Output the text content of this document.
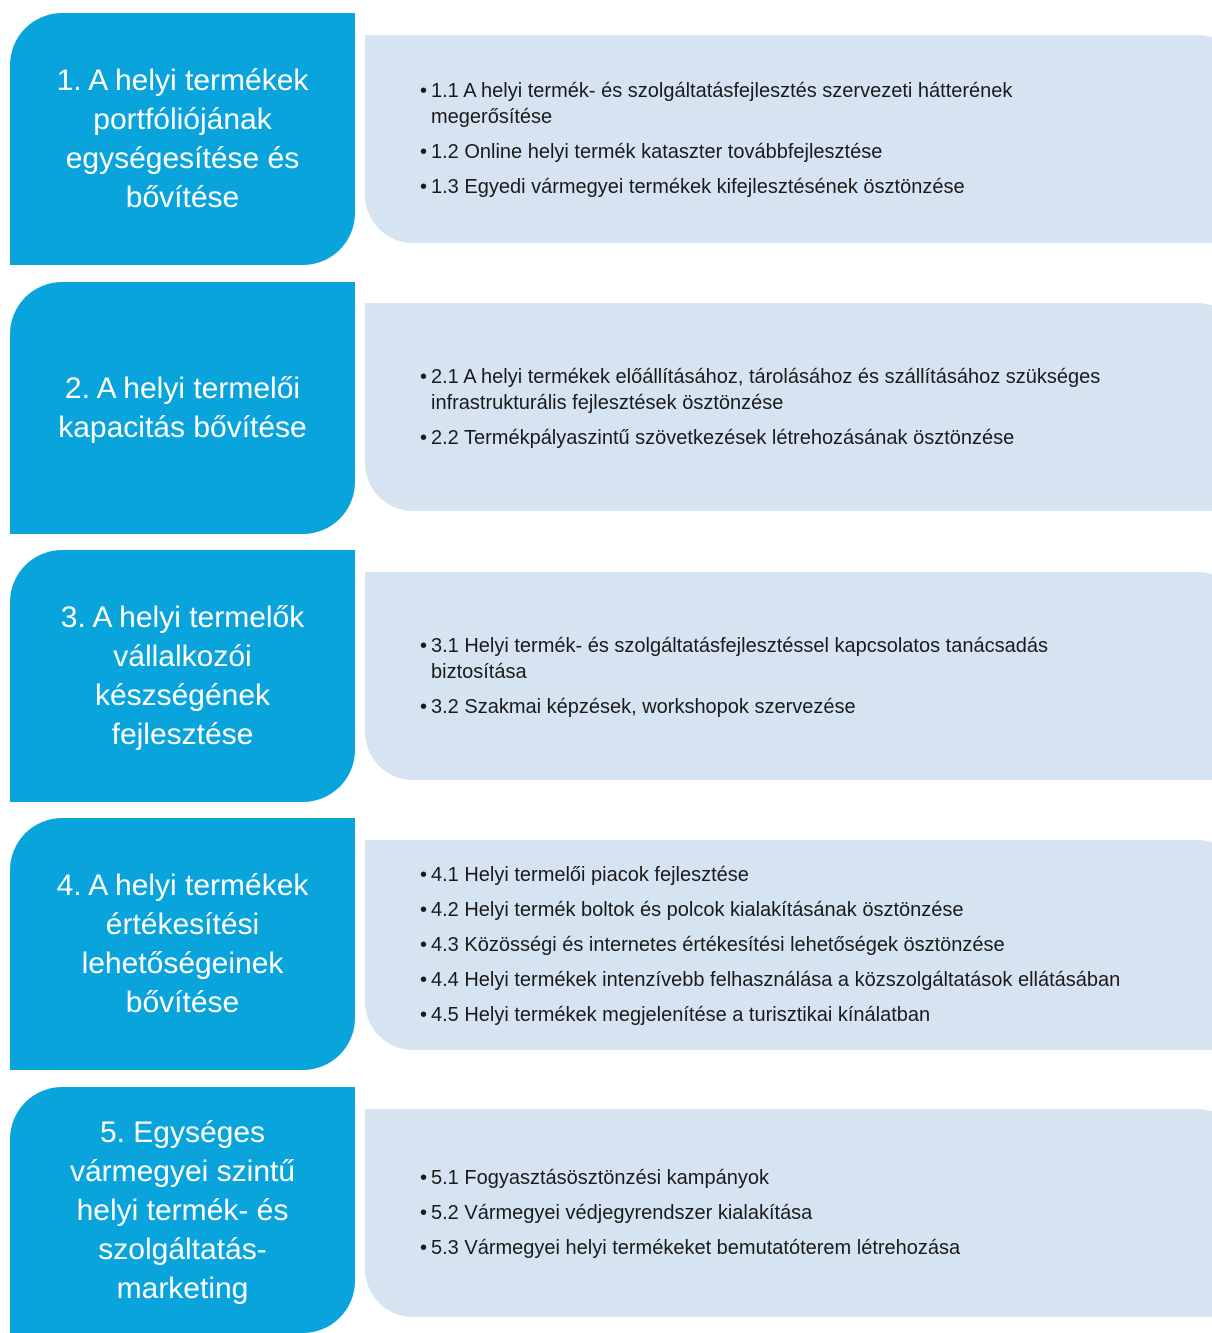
• 1.1 A helyi termék- és szolgáltatásfejlesztés szervezeti hátterének megerősítése
• 1.2 Online helyi termék kataszter továbbfejlesztése
• 1.3 Egyedi vármegyei termékek kifejlesztésének ösztönzése
1. A helyi termékek
portfóliójának
egységesítése és
bővítése
• 2.1 A helyi termékek előállításához, tárolásához és szállításához szükséges infrastrukturális fejlesztések ösztönzése
• 2.2 Termékpályaszintű szövetkezések létrehozásának ösztönzése
2. A helyi termelői
kapacitás bővítése
• 3.1 Helyi termék- és szolgáltatásfejlesztéssel kapcsolatos tanácsadás biztosítása
• 3.2 Szakmai képzések, workshopok szervezése
3. A helyi termelők
vállalkozói
készségének
fejlesztése
• 4.1 Helyi termelői piacok fejlesztése
• 4.2 Helyi termék boltok és polcok kialakításának ösztönzése
• 4.3 Közösségi és internetes értékesítési lehetőségek ösztönzése
• 4.4 Helyi termékek intenzívebb felhasználása a közszolgáltatások ellátásában
• 4.5 Helyi termékek megjelenítése a turisztikai kínálatban
4. A helyi termékek
értékesítési
lehetőségeinek
bővítése
• 5.1 Fogyasztásösztönzési kampányok
• 5.2 Vármegyei védjegyrendszer kialakítása
• 5.3 Vármegyei helyi termékeket bemutatóterem létrehozása
5. Egységes
vármegyei szintű
helyi termék- és
szolgáltatás-
marketing
